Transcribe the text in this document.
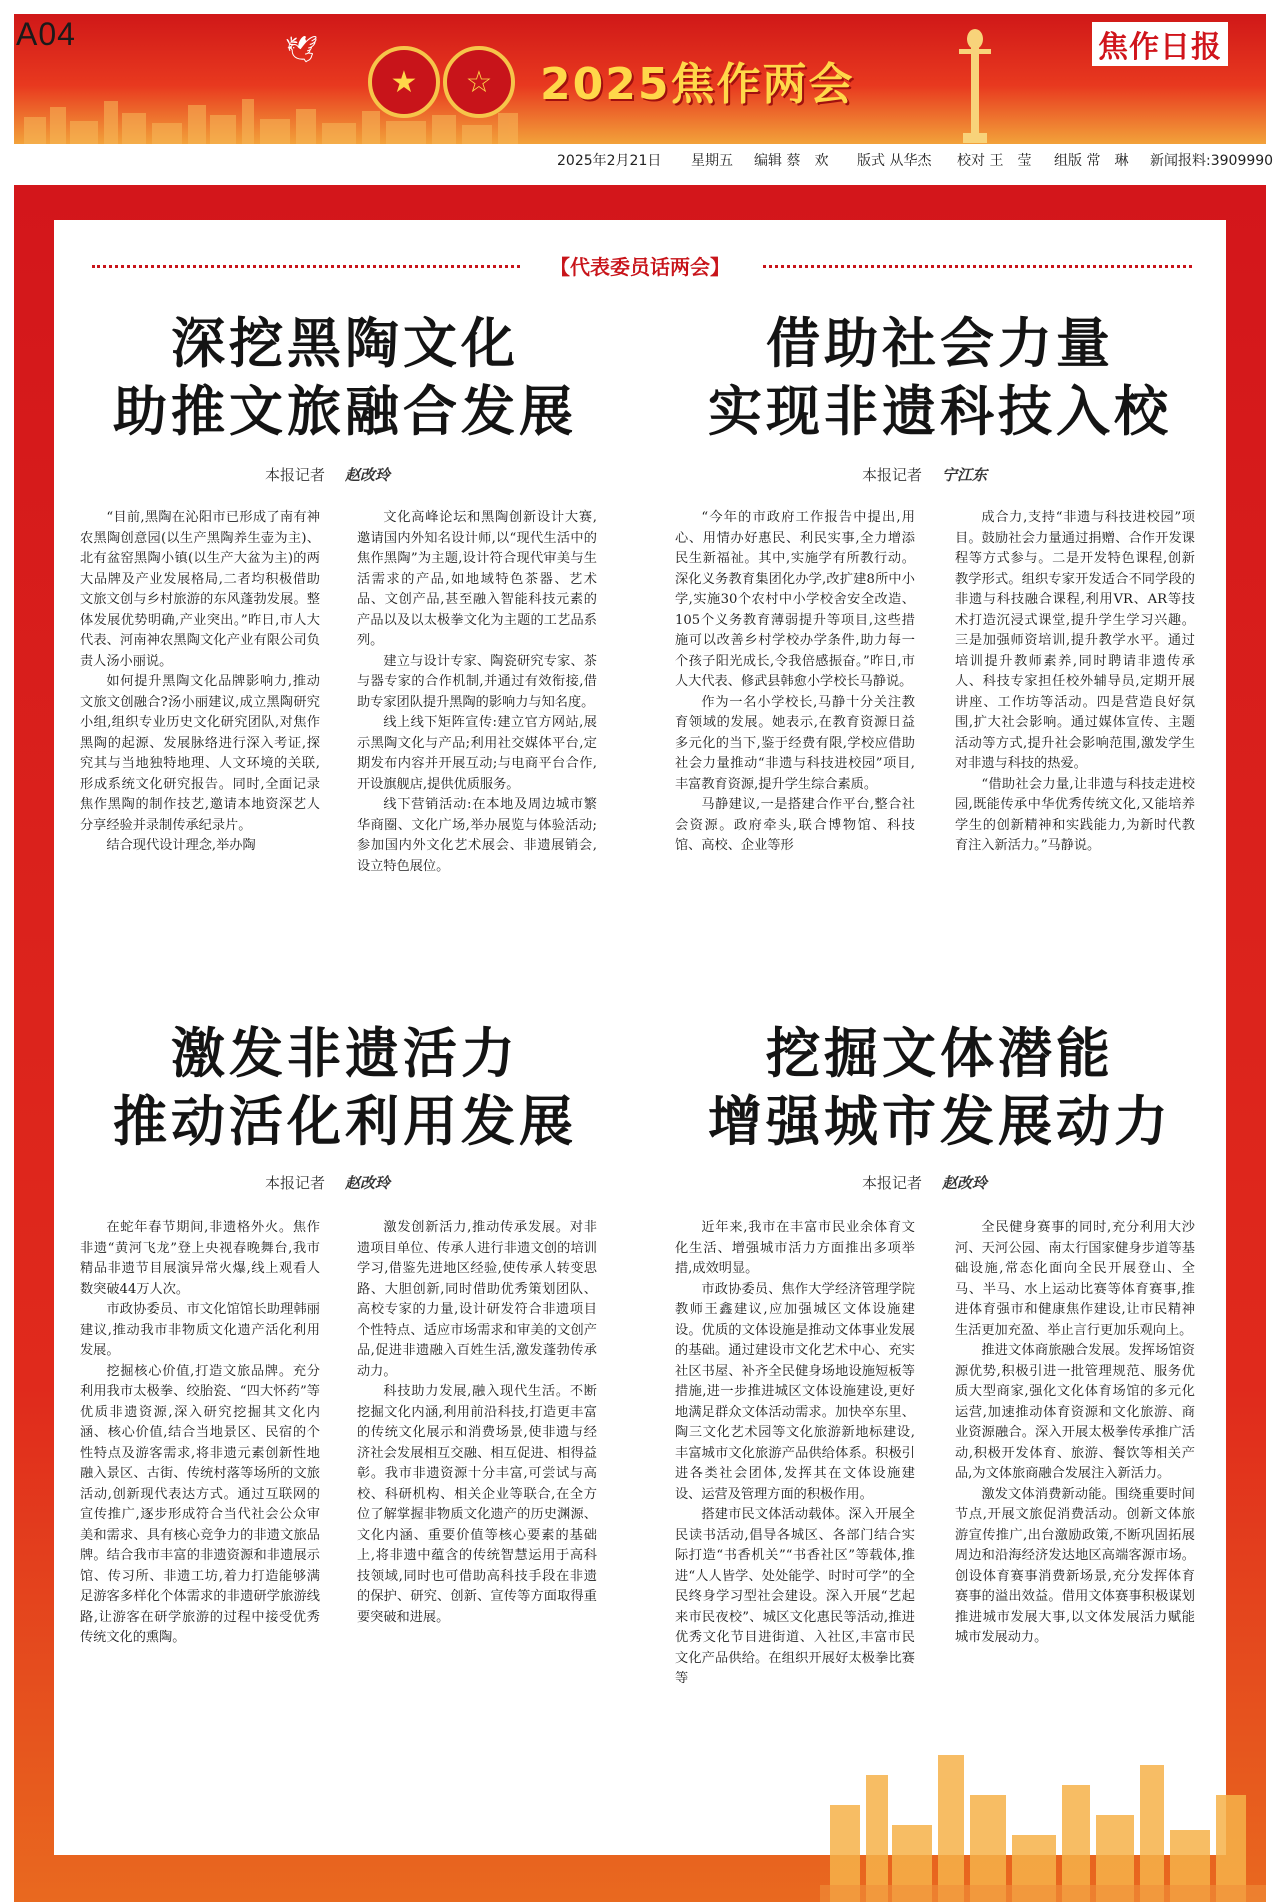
🕊
★	☆	2025焦作两会
A04	焦作日报
2025年2月21日 星期五 编辑 蔡　欢 版式 从华杰 校对 王　莹 组版 常　琳 新闻报料:3909990
🕊🕊
【代表委员话两会】
深挖黑陶文化
助推文旅融合发展
本报记者 赵改玲

“目前,黑陶在沁阳市已形成了南有神农黑陶创意园(以生产黑陶养生壶为主)、北有盆窑黑陶小镇(以生产大盆为主)的两大品牌及产业发展格局,二者均积极借助文旅文创与乡村旅游的东风蓬勃发展。整体发展优势明确,产业突出。”昨日,市人大代表、河南神农黑陶文化产业有限公司负责人汤小丽说。

如何提升黑陶文化品牌影响力,推动文旅文创融合?汤小丽建议,成立黑陶研究小组,组织专业历史文化研究团队,对焦作黑陶的起源、发展脉络进行深入考证,探究其与当地独特地理、人文环境的关联,形成系统文化研究报告。同时,全面记录焦作黑陶的制作技艺,邀请本地资深艺人分享经验并录制传承纪录片。

结合现代设计理念,举办陶

文化高峰论坛和黑陶创新设计大赛,邀请国内外知名设计师,以“现代生活中的焦作黑陶”为主题,设计符合现代审美与生活需求的产品,如地域特色茶器、艺术品、文创产品,甚至融入智能科技元素的产品以及以太极拳文化为主题的工艺品系列。

建立与设计专家、陶瓷研究专家、茶与器专家的合作机制,并通过有效衔接,借助专家团队提升黑陶的影响力与知名度。

线上线下矩阵宣传:建立官方网站,展示黑陶文化与产品;利用社交媒体平台,定期发布内容并开展互动;与电商平台合作,开设旗舰店,提供优质服务。

线下营销活动:在本地及周边城市繁华商圈、文化广场,举办展览与体验活动;参加国内外文化艺术展会、非遗展销会,设立特色展位。

借助社会力量
实现非遗科技入校
本报记者 宁江东

“今年的市政府工作报告中提出,用心、用情办好惠民、利民实事,全力增添民生新福祉。其中,实施学有所教行动。深化义务教育集团化办学,改扩建8所中小学,实施30个农村中小学校舍安全改造、105个义务教育薄弱提升等项目,这些措施可以改善乡村学校办学条件,助力每一个孩子阳光成长,令我倍感振奋。”昨日,市人大代表、修武县韩愈小学校长马静说。

作为一名小学校长,马静十分关注教育领域的发展。她表示,在教育资源日益多元化的当下,鉴于经费有限,学校应借助社会力量推动“非遗与科技进校园”项目,丰富教育资源,提升学生综合素质。

马静建议,一是搭建合作平台,整合社会资源。政府牵头,联合博物馆、科技馆、高校、企业等形

成合力,支持“非遗与科技进校园”项目。鼓励社会力量通过捐赠、合作开发课程等方式参与。二是开发特色课程,创新教学形式。组织专家开发适合不同学段的非遗与科技融合课程,利用VR、AR等技术打造沉浸式课堂,提升学生学习兴趣。三是加强师资培训,提升教学水平。通过培训提升教师素养,同时聘请非遗传承人、科技专家担任校外辅导员,定期开展讲座、工作坊等活动。四是营造良好氛围,扩大社会影响。通过媒体宣传、主题活动等方式,提升社会影响范围,激发学生对非遗与科技的热爱。

“借助社会力量,让非遗与科技走进校园,既能传承中华优秀传统文化,又能培养学生的创新精神和实践能力,为新时代教育注入新活力。”马静说。

激发非遗活力
推动活化利用发展
本报记者 赵改玲

在蛇年春节期间,非遗格外火。焦作非遗“黄河飞龙”登上央视春晚舞台,我市精品非遗节目展演异常火爆,线上观看人数突破44万人次。

市政协委员、市文化馆馆长助理韩丽建议,推动我市非物质文化遗产活化利用发展。

挖掘核心价值,打造文旅品牌。充分利用我市太极拳、绞胎瓷、“四大怀药”等优质非遗资源,深入研究挖掘其文化内涵、核心价值,结合当地景区、民宿的个性特点及游客需求,将非遗元素创新性地融入景区、古街、传统村落等场所的文旅活动,创新现代表达方式。通过互联网的宣传推广,逐步形成符合当代社会公众审美和需求、具有核心竞争力的非遗文旅品牌。结合我市丰富的非遗资源和非遗展示馆、传习所、非遗工坊,着力打造能够满足游客多样化个体需求的非遗研学旅游线路,让游客在研学旅游的过程中接受优秀传统文化的熏陶。

激发创新活力,推动传承发展。对非遗项目单位、传承人进行非遗文创的培训学习,借鉴先进地区经验,使传承人转变思路、大胆创新,同时借助优秀策划团队、高校专家的力量,设计研发符合非遗项目个性特点、适应市场需求和审美的文创产品,促进非遗融入百姓生活,激发蓬勃传承动力。

科技助力发展,融入现代生活。不断挖掘文化内涵,利用前沿科技,打造更丰富的传统文化展示和消费场景,使非遗与经济社会发展相互交融、相互促进、相得益彰。我市非遗资源十分丰富,可尝试与高校、科研机构、相关企业等联合,在全方位了解掌握非物质文化遗产的历史渊源、文化内涵、重要价值等核心要素的基础上,将非遗中蕴含的传统智慧运用于高科技领域,同时也可借助高科技手段在非遗的保护、研究、创新、宣传等方面取得重要突破和进展。

挖掘文体潜能
增强城市发展动力
本报记者 赵改玲

近年来,我市在丰富市民业余体育文化生活、增强城市活力方面推出多项举措,成效明显。

市政协委员、焦作大学经济管理学院教师王鑫建议,应加强城区文体设施建设。优质的文体设施是推动文体事业发展的基础。通过建设市文化艺术中心、充实社区书屋、补齐全民健身场地设施短板等措施,进一步推进城区文体设施建设,更好地满足群众文体活动需求。加快卒东里、陶三文化艺术园等文化旅游新地标建设,丰富城市文化旅游产品供给体系。积极引进各类社会团体,发挥其在文体设施建设、运营及管理方面的积极作用。

搭建市民文体活动载体。深入开展全民读书活动,倡导各城区、各部门结合实际打造“书香机关”“书香社区”等载体,推进“人人皆学、处处能学、时时可学”的全民终身学习型社会建设。深入开展“艺起来市民夜校”、城区文化惠民等活动,推进优秀文化节目进街道、入社区,丰富市民文化产品供给。在组织开展好太极拳比赛等

全民健身赛事的同时,充分利用大沙河、天河公园、南太行国家健身步道等基础设施,常态化面向全民开展登山、全马、半马、水上运动比赛等体育赛事,推进体育强市和健康焦作建设,让市民精神生活更加充盈、举止言行更加乐观向上。

推进文体商旅融合发展。发挥场馆资源优势,积极引进一批管理规范、服务优质大型商家,强化文化体育场馆的多元化运营,加速推动体育资源和文化旅游、商业资源融合。深入开展太极拳传承推广活动,积极开发体育、旅游、餐饮等相关产品,为文体旅商融合发展注入新活力。

激发文体消费新动能。围绕重要时间节点,开展文旅促消费活动。创新文体旅游宣传推广,出台激励政策,不断巩固拓展周边和沿海经济发达地区高端客源市场。创设体育赛事消费新场景,充分发挥体育赛事的溢出效益。借用文体赛事积极谋划推进城市发展大事,以文体发展活力赋能城市发展动力。
